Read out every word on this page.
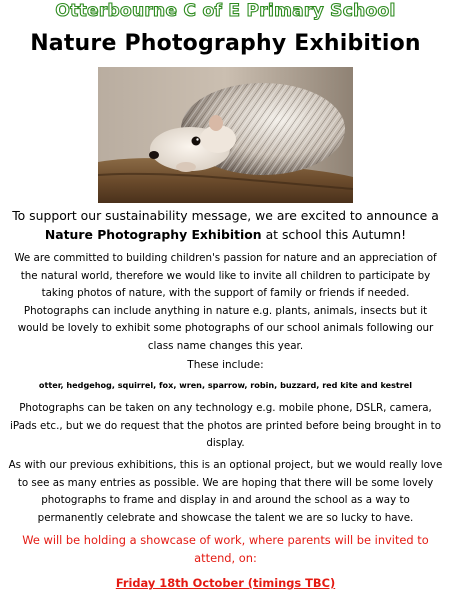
Otterbourne C of E Primary School
Nature Photography Exhibition
To support our sustainability message, we are excited to announce a
Nature Photography Exhibition at school this Autumn!
We are committed to building children's passion for nature and an appreciation of the natural world, therefore we would like to invite all children to participate by taking photos of nature, with the support of family or friends if needed. Photographs can include anything in nature e.g. plants, animals, insects but it would be lovely to exhibit some photographs of our school animals following our class name changes this year.
These include:
otter, hedgehog, squirrel, fox, wren, sparrow, robin, buzzard, red kite and kestrel
Photographs can be taken on any technology e.g. mobile phone, DSLR, camera, iPads etc., but we do request that the photos are printed before being brought in to display.
As with our previous exhibitions, this is an optional project, but we would really love to see as many entries as possible. We are hoping that there will be some lovely photographs to frame and display in and around the school as a way to permanently celebrate and showcase the talent we are so lucky to have.
We will be holding a showcase of work, where parents will be invited to attend, on:
Friday 18th October (timings TBC)
